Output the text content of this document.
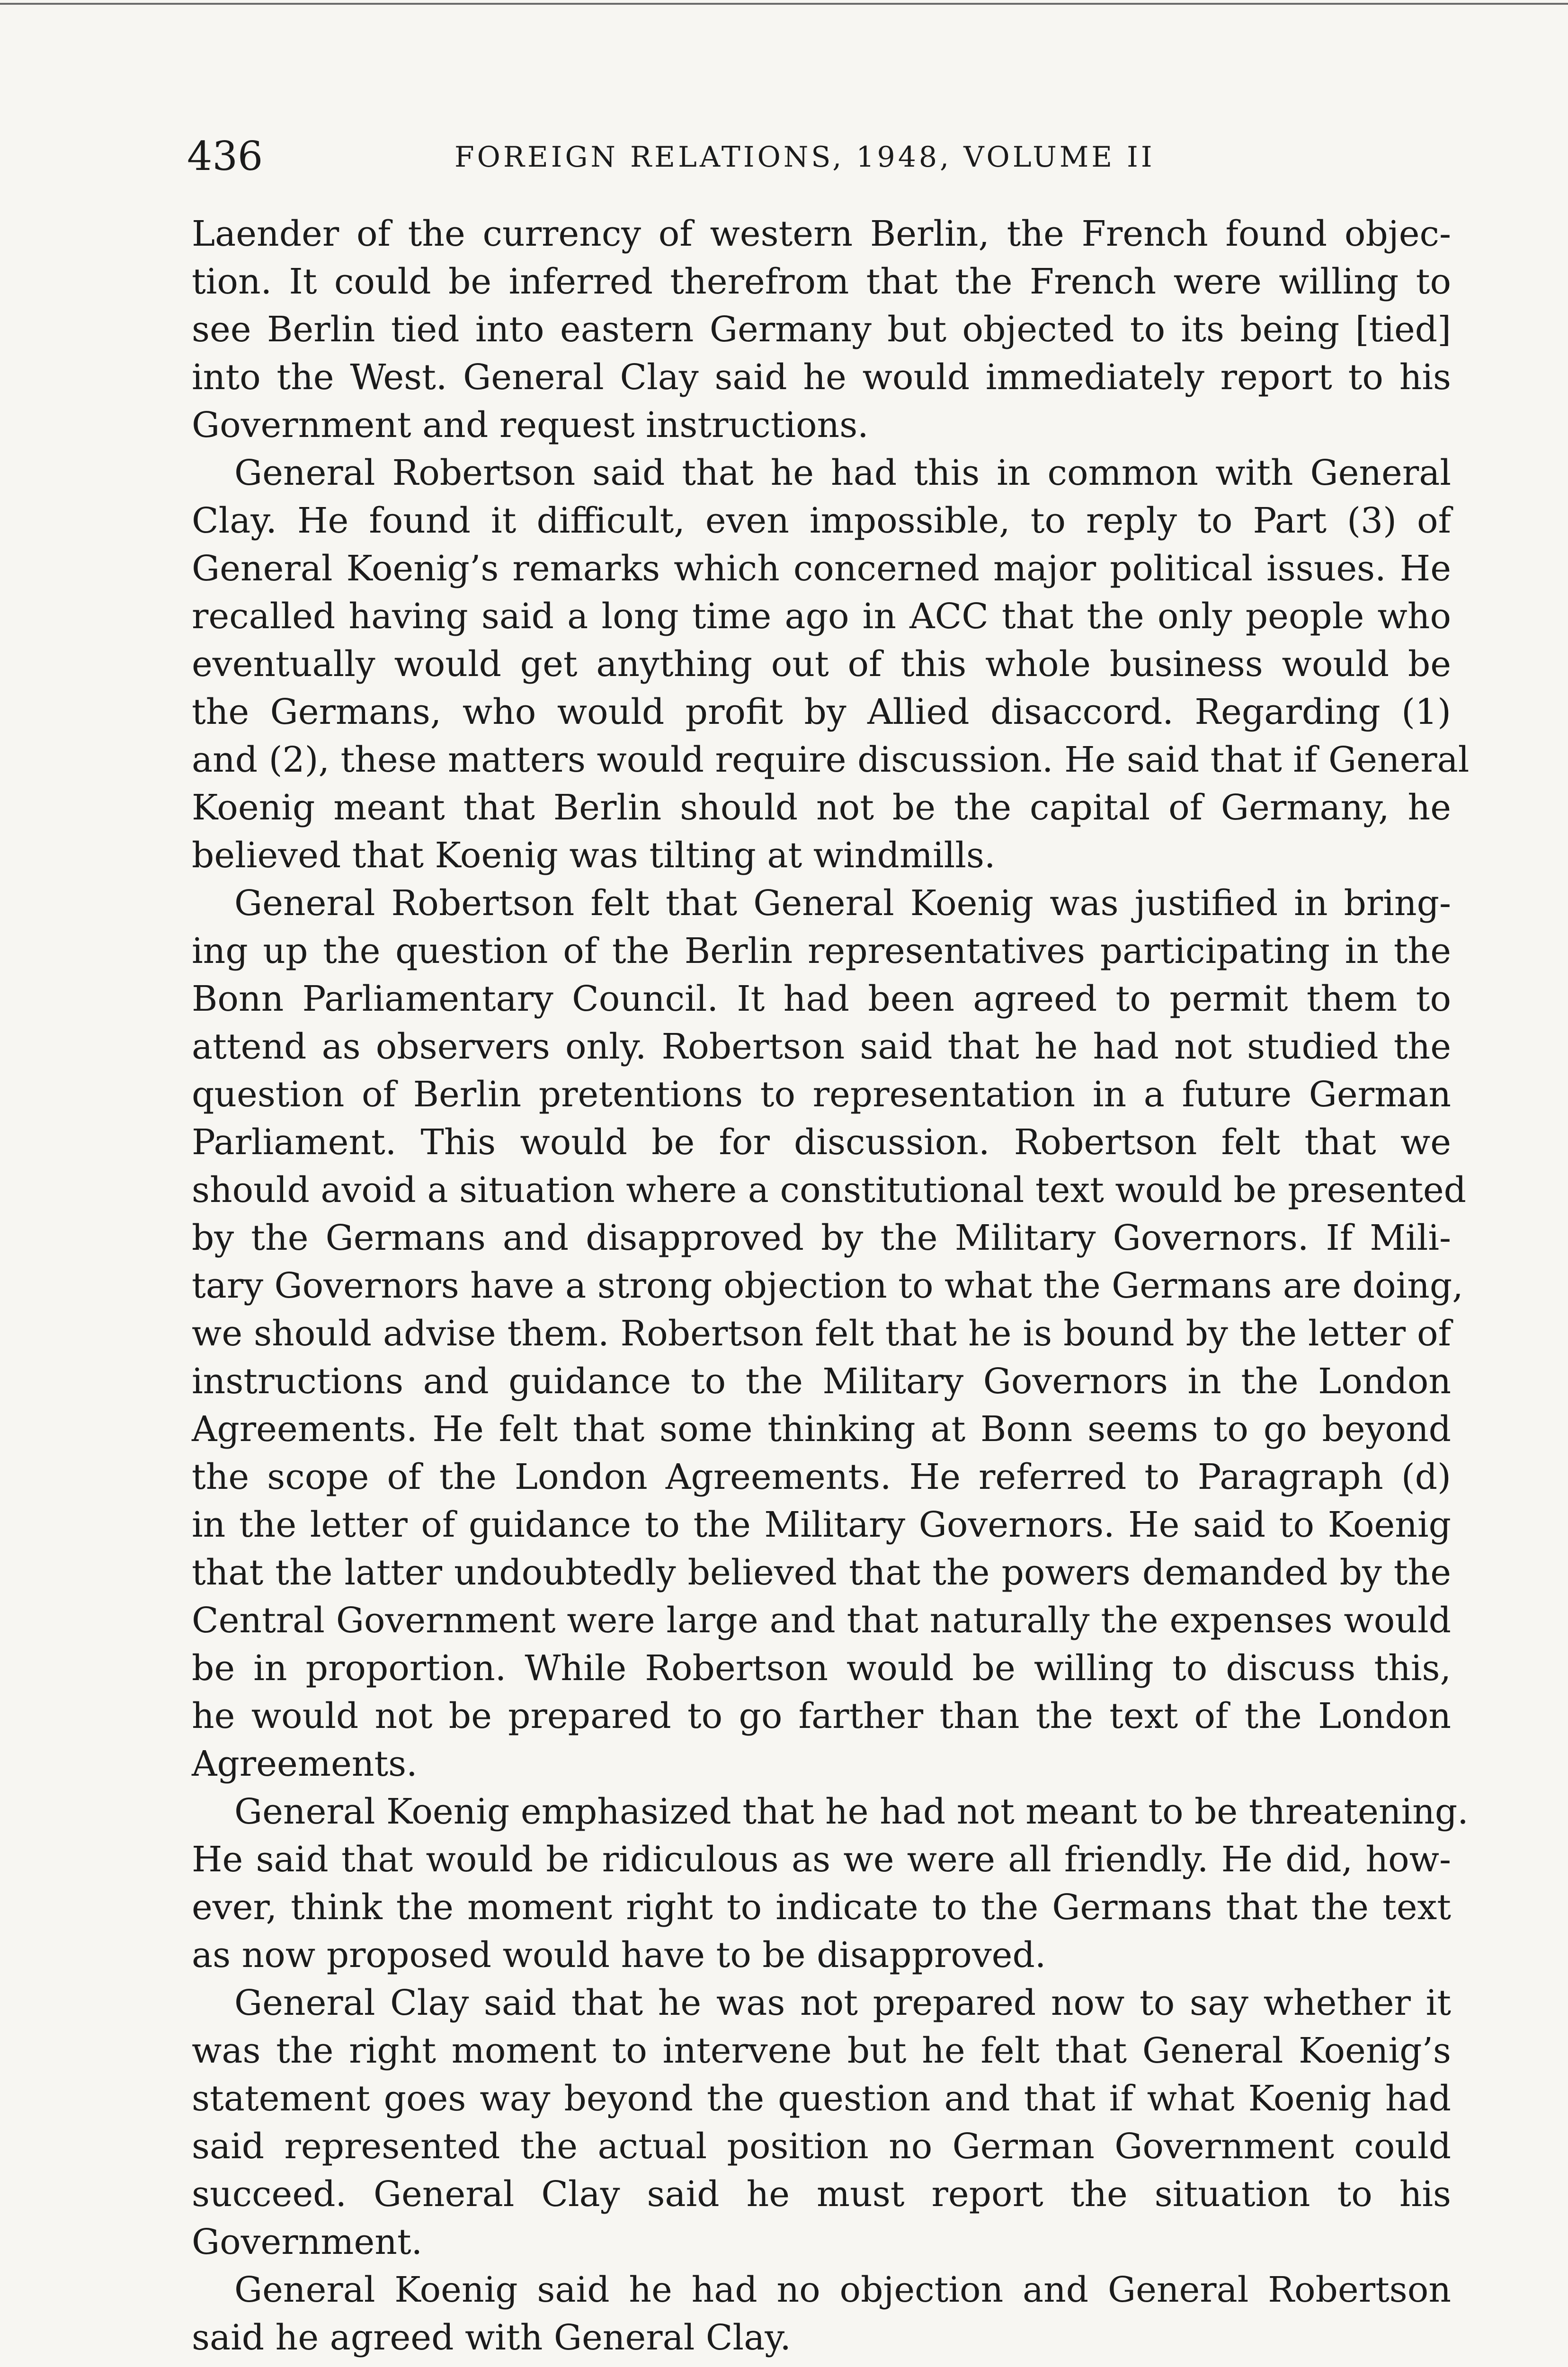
436	FOREIGN RELATIONS, 1948, VOLUME II
Laender of the currency of western Berlin, the French found objec-
tion. It could be inferred therefrom that the French were willing to
see Berlin tied into eastern Germany but objected to its being [tied]
into the West. General Clay said he would immediately report to his
Government and request instructions.
General Robertson said that he had this in common with General
Clay. He found it difficult, even impossible, to reply to Part (3) of
General Koenig’s remarks which concerned major political issues. He
recalled having said a long time ago in ACC that the only people who
eventually would get anything out of this whole business would be
the Germans, who would profit by Allied disaccord. Regarding (1)
and (2), these matters would require discussion. He said that if General
Koenig meant that Berlin should not be the capital of Germany, he
believed that Koenig was tilting at windmills.
General Robertson felt that General Koenig was justified in bring-
ing up the question of the Berlin representatives participating in the
Bonn Parliamentary Council. It had been agreed to permit them to
attend as observers only. Robertson said that he had not studied the
question of Berlin pretentions to representation in a future German
Parliament. This would be for discussion. Robertson felt that we
should avoid a situation where a constitutional text would be presented
by the Germans and disapproved by the Military Governors. If Mili-
tary Governors have a strong objection to what the Germans are doing,
we should advise them. Robertson felt that he is bound by the letter of
instructions and guidance to the Military Governors in the London
Agreements. He felt that some thinking at Bonn seems to go beyond
the scope of the London Agreements. He referred to Paragraph (d)
in the letter of guidance to the Military Governors. He said to Koenig
that the latter undoubtedly believed that the powers demanded by the
Central Government were large and that naturally the expenses would
be in proportion. While Robertson would be willing to discuss this,
he would not be prepared to go farther than the text of the London
Agreements.
General Koenig emphasized that he had not meant to be threatening.
He said that would be ridiculous as we were all friendly. He did, how-
ever, think the moment right to indicate to the Germans that the text
as now proposed would have to be disapproved.
General Clay said that he was not prepared now to say whether it
was the right moment to intervene but he felt that General Koenig’s
statement goes way beyond the question and that if what Koenig had
said represented the actual position no German Government could
succeed. General Clay said he must report the situation to his
Government.
General Koenig said he had no objection and General Robertson
said he agreed with General Clay.
